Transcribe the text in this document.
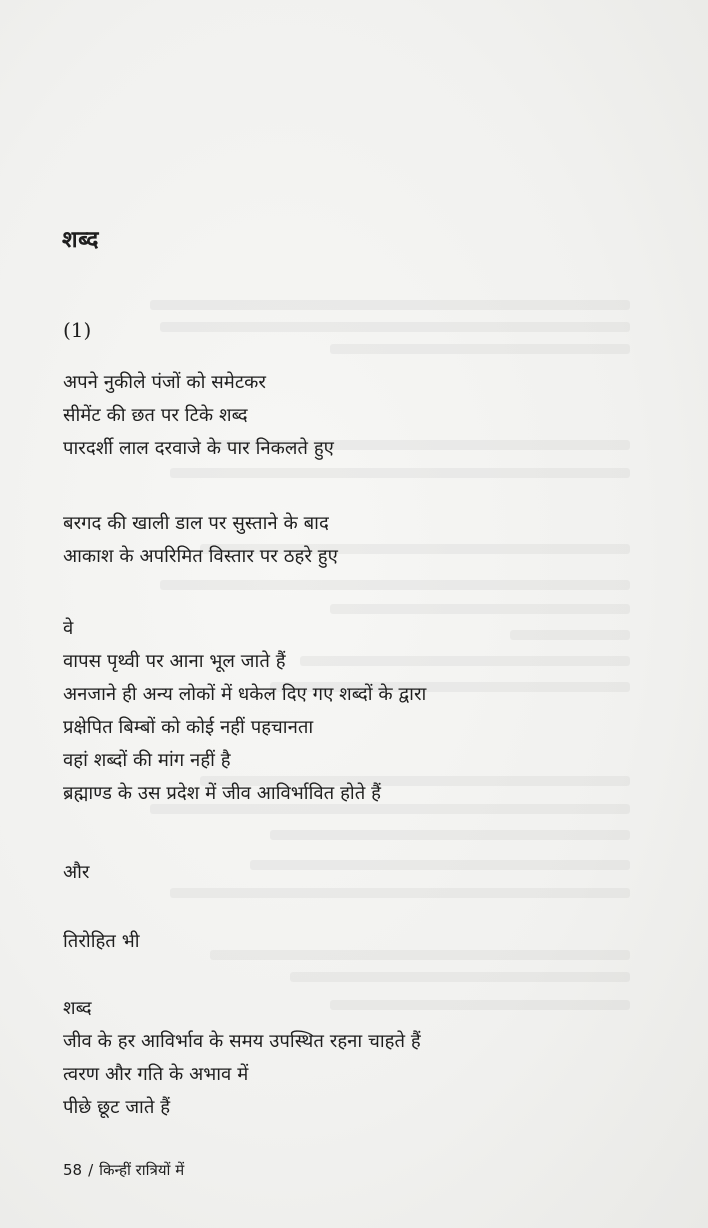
शब्द
(1)
अपने नुकीले पंजों को समेटकर
सीमेंट की छत पर टिके शब्द
पारदर्शी लाल दरवाजे के पार निकलते हुए
बरगद की खाली डाल पर सुस्ताने के बाद
आकाश के अपरिमित विस्तार पर ठहरे हुए
वे
वापस पृथ्वी पर आना भूल जाते हैं
अनजाने ही अन्य लोकों में धकेल दिए गए शब्दों के द्वारा
प्रक्षेपित बिम्बों को कोई नहीं पहचानता
वहां शब्दों की मांग नहीं है
ब्रह्माण्ड के उस प्रदेश में जीव आविर्भावित होते हैं
और
तिरोहित भी
शब्द
जीव के हर आविर्भाव के समय उपस्थित रहना चाहते हैं
त्वरण और गति के अभाव में
पीछे छूट जाते हैं
58 / किन्हीं रात्रियों में
